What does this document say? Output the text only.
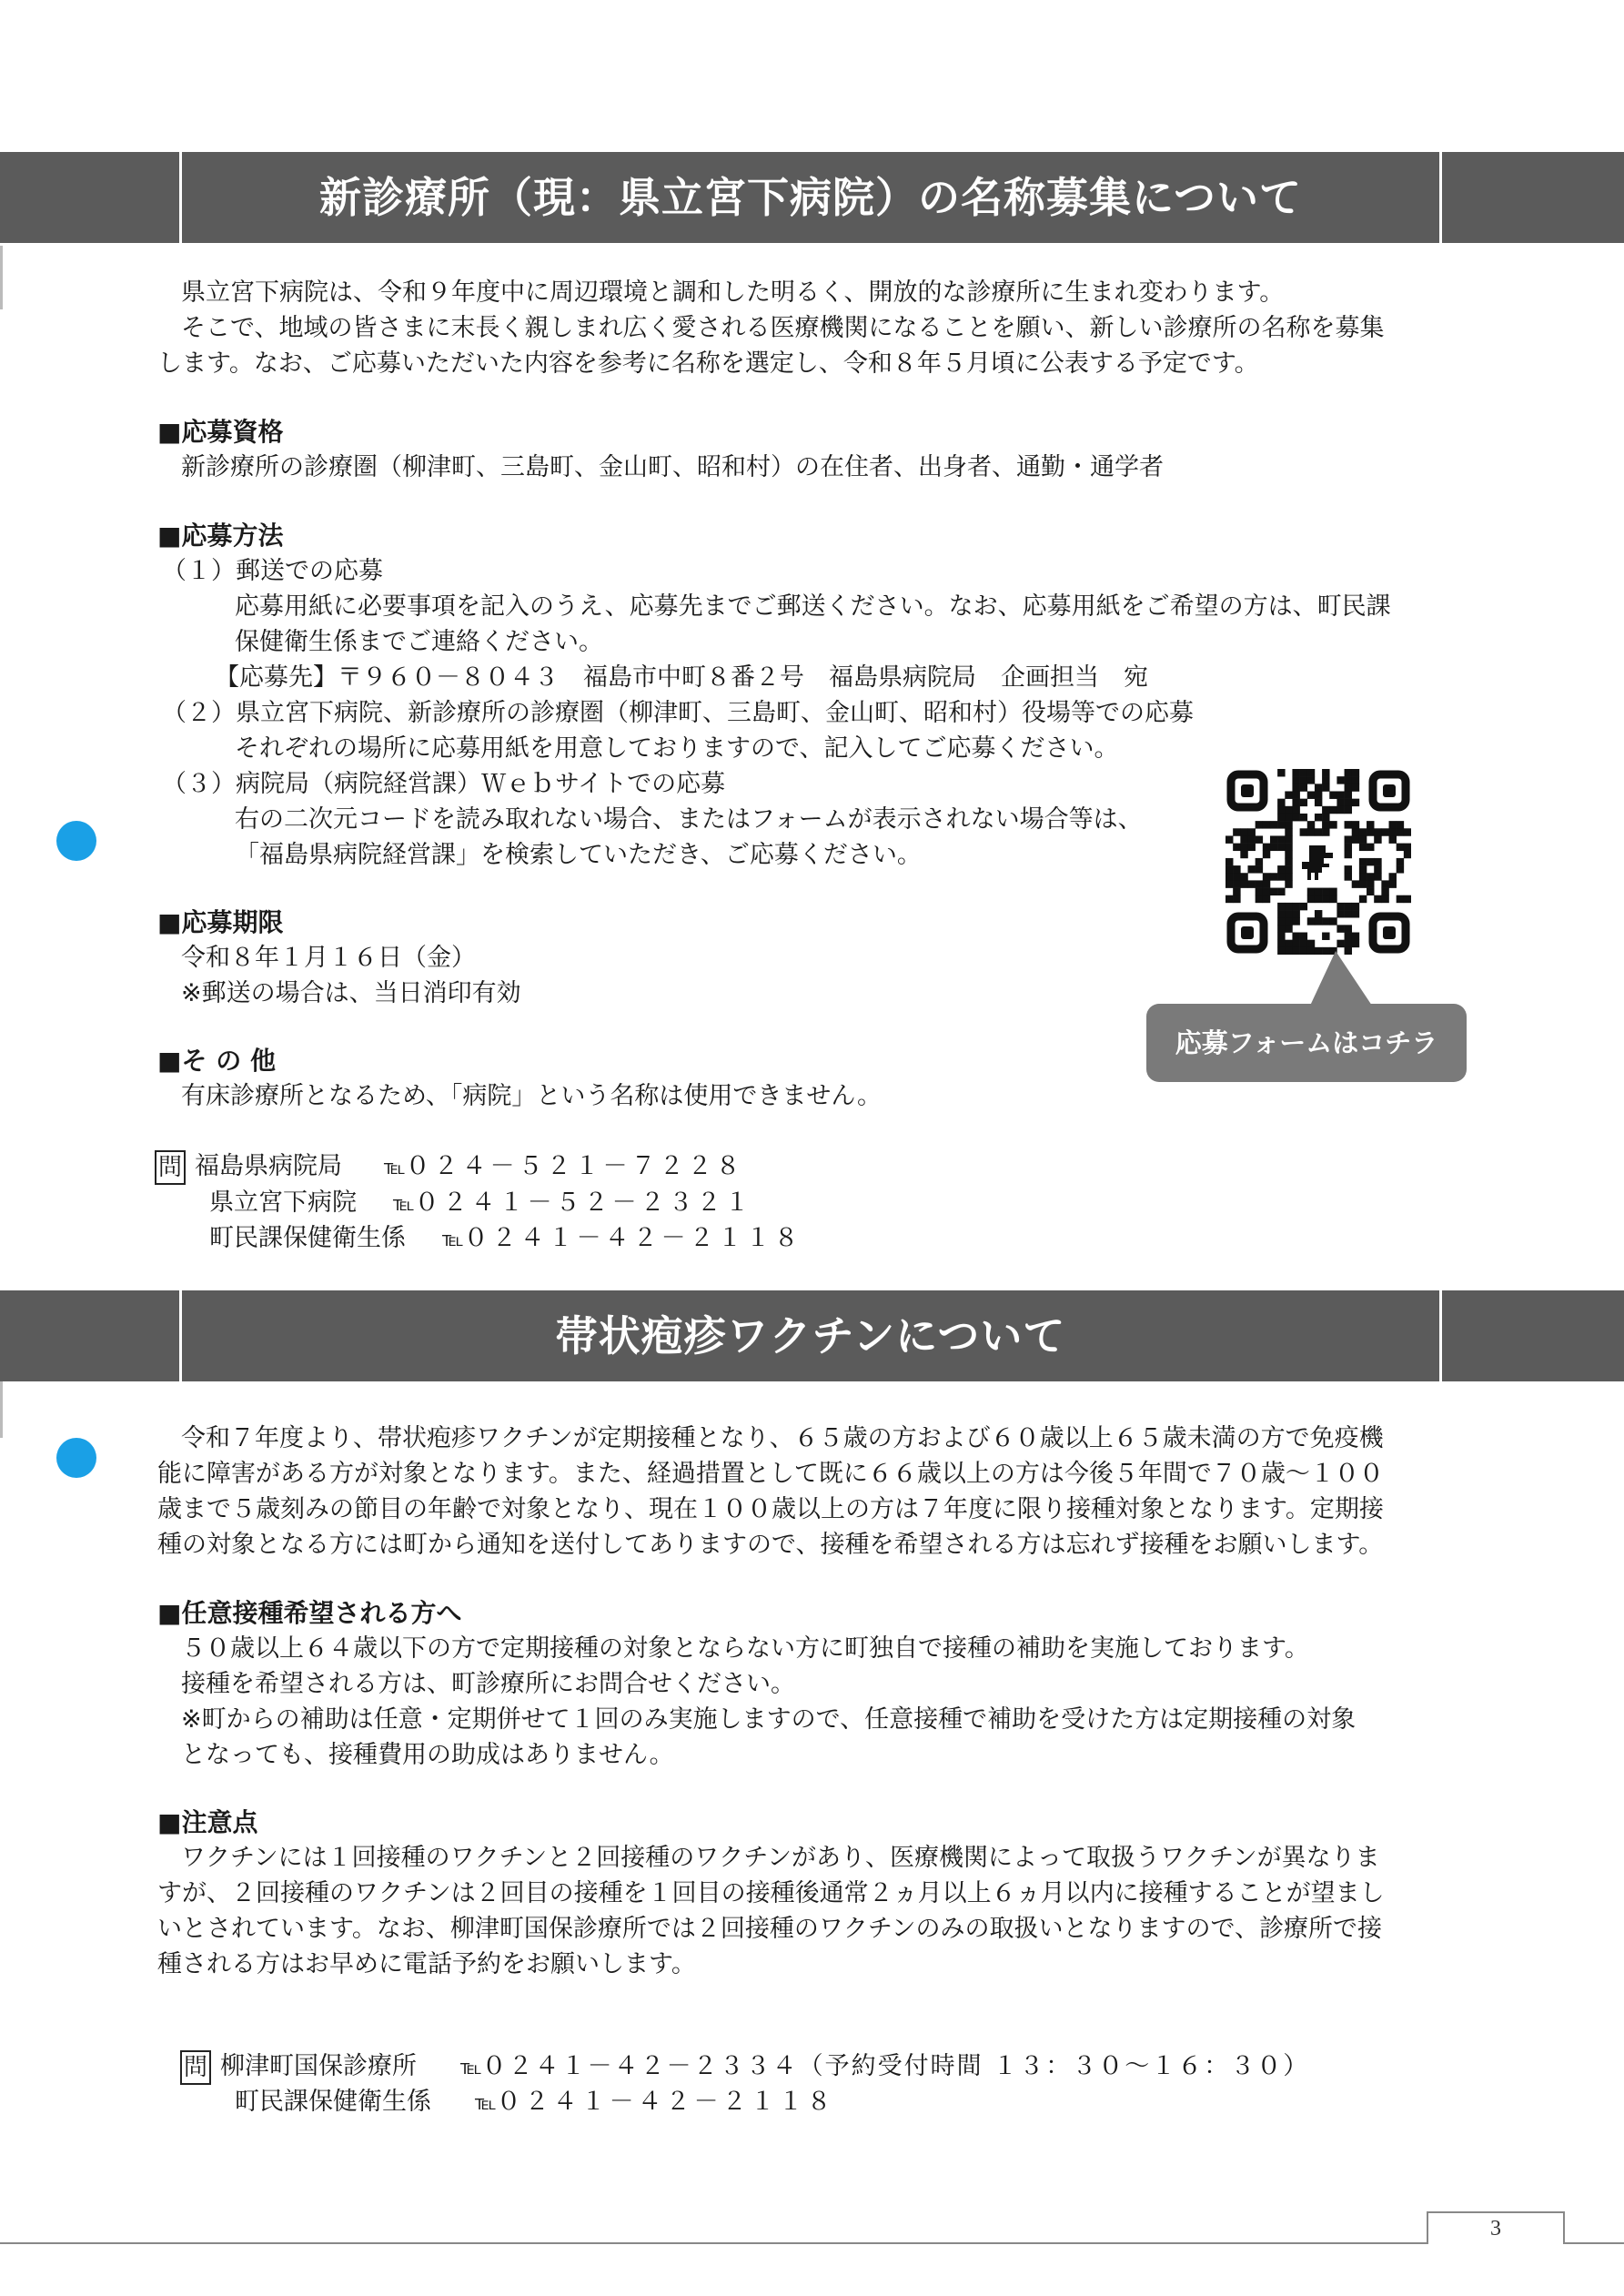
新診療所（現：県立宮下病院）の名称募集について
県立宮下病院は、令和９年度中に周辺環境と調和した明るく、開放的な診療所に生まれ変わります。
そこで、地域の皆さまに末長く親しまれ広く愛される医療機関になることを願い、新しい診療所の名称を募集
します。なお、ご応募いただいた内容を参考に名称を選定し、令和８年５月頃に公表する予定です。
■応募資格
新診療所の診療圏（柳津町、三島町、金山町、昭和村）の在住者、出身者、通勤・通学者
■応募方法
（１）郵送での応募
応募用紙に必要事項を記入のうえ、応募先までご郵送ください。なお、応募用紙をご希望の方は、町民課
保健衛生係までご連絡ください。
【応募先】〒９６０－８０４３　福島市中町８番２号　福島県病院局　企画担当　宛
（２）県立宮下病院、新診療所の診療圏（柳津町、三島町、金山町、昭和村）役場等での応募
それぞれの場所に応募用紙を用意しておりますので、記入してご応募ください。
（３）病院局（病院経営課）Ｗｅｂサイトでの応募
右の二次元コードを読み取れない場合、またはフォームが表示されない場合等は、
「福島県病院経営課」を検索していただき、ご応募ください。
応募フォームはコチラ
■応募期限
令和８年１月１６日（金）
※郵送の場合は、当日消印有効
■そ の 他
有床診療所となるため、「病院」という名称は使用できません。
問 福島県病院局 ℡０２４－５２１－７２２８
県立宮下病院 ℡０２４１－５２－２３２１
町民課保健衛生係 ℡０２４１－４２－２１１８
帯状疱疹ワクチンについて
令和７年度より、帯状疱疹ワクチンが定期接種となり、６５歳の方および６０歳以上６５歳未満の方で免疫機
能に障害がある方が対象となります。また、経過措置として既に６６歳以上の方は今後５年間で７０歳～１００
歳まで５歳刻みの節目の年齢で対象となり、現在１００歳以上の方は７年度に限り接種対象となります。定期接
種の対象となる方には町から通知を送付してありますので、接種を希望される方は忘れず接種をお願いします。
■任意接種希望される方へ
５０歳以上６４歳以下の方で定期接種の対象とならない方に町独自で接種の補助を実施しております。
接種を希望される方は、町診療所にお問合せください。
※町からの補助は任意・定期併せて１回のみ実施しますので、任意接種で補助を受けた方は定期接種の対象
となっても、接種費用の助成はありません。
■注意点
ワクチンには１回接種のワクチンと２回接種のワクチンがあり、医療機関によって取扱うワクチンが異なりま
すが、２回接種のワクチンは２回目の接種を１回目の接種後通常２ヵ月以上６ヵ月以内に接種することが望まし
いとされています。なお、柳津町国保診療所では２回接種のワクチンのみの取扱いとなりますので、診療所で接
種される方はお早めに電話予約をお願いします。
問 柳津町国保診療所 ℡０２４１－４２－２３３４（予約受付時間 １３：３０～１６：３０）
町民課保健衛生係 ℡０２４１－４２－２１１８
3
